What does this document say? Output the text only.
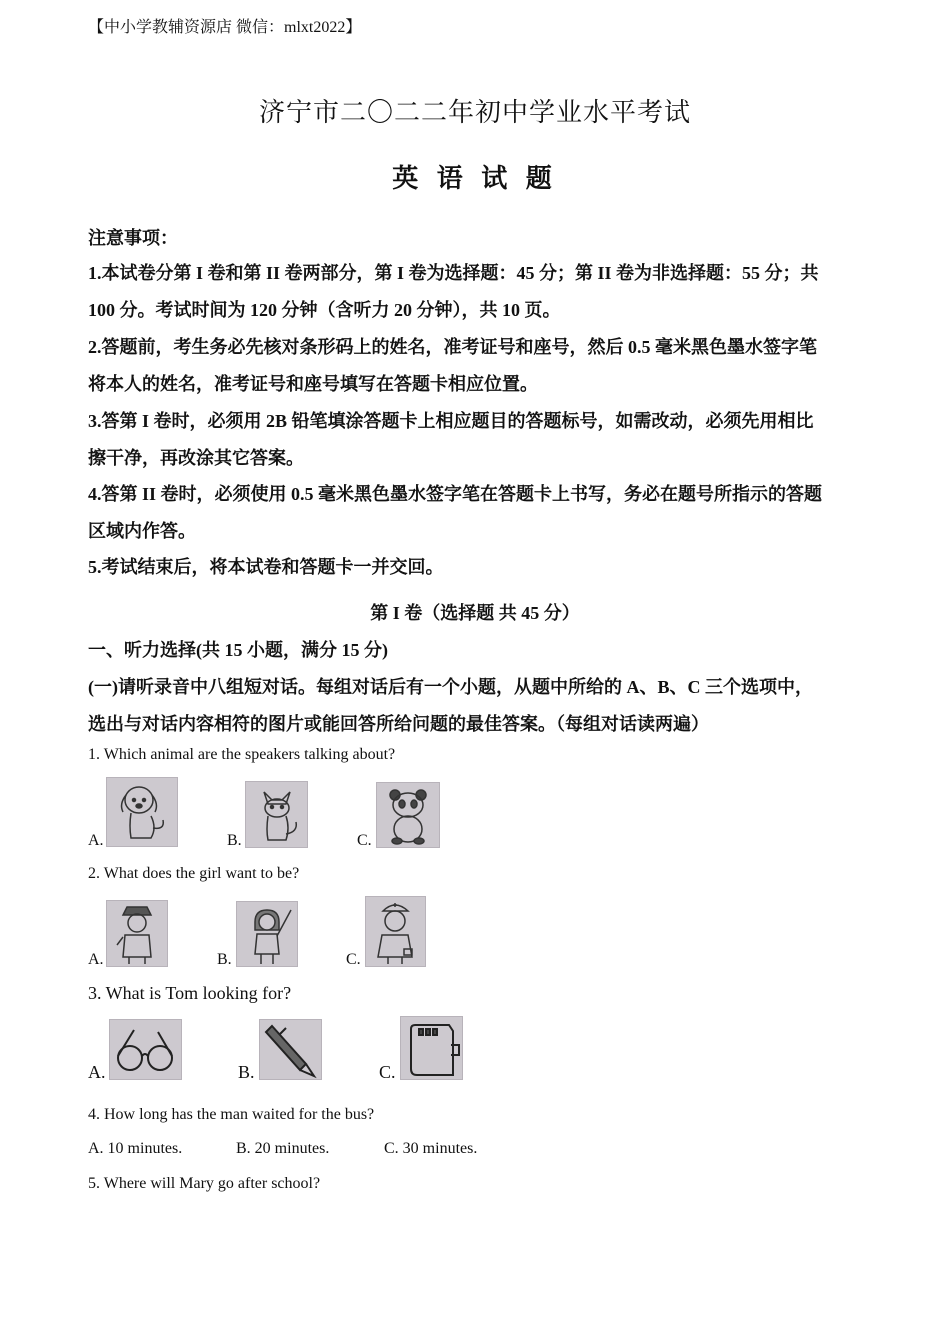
【中小学教辅资源店 微信：mlxt2022】
济宁市二〇二二年初中学业水平考试
英 语 试 题
注意事项：
1.本试卷分第 I 卷和第 II 卷两部分，第 I 卷为选择题：45 分；第 II 卷为非选择题：55 分；共
100 分。考试时间为 120 分钟（含听力 20 分钟），共 10 页。
2.答题前，考生务必先核对条形码上的姓名，准考证号和座号，然后 0.5 毫米黑色墨水签字笔
将本人的姓名，准考证号和座号填写在答题卡相应位置。
3.答第 I 卷时，必须用 2B 铅笔填涂答题卡上相应题目的答题标号，如需改动，必须先用相比
擦干净，再改涂其它答案。
4.答第 II 卷时，必须使用 0.5 毫米黑色墨水签字笔在答题卡上书写，务必在题号所指示的答题
区域内作答。
5.考试结束后，将本试卷和答题卡一并交回。
第 I 卷（选择题 共 45 分）
一、听力选择(共 15 小题，满分 15 分)
(一)请听录音中八组短对话。每组对话后有一个小题，从题中所给的 A、B、C 三个选项中，
选出与对话内容相符的图片或能回答所给问题的最佳答案。（每组对话读两遍）
1. Which animal are the speakers talking about?
A.	B.	C.
2. What does the girl want to be?
A.	B.	C.
3. What is Tom looking for?
A.	B.	C.
4. How long has the man waited for the bus?
A. 10 minutes.	B. 20 minutes.	C. 30 minutes.
5. Where will Mary go after school?
